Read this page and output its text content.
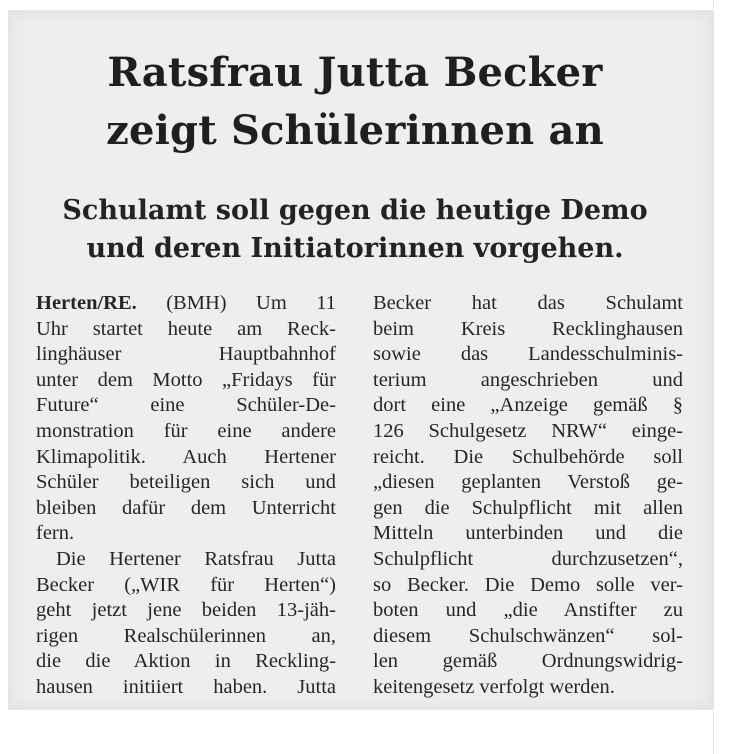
Ratsfrau Jutta Becker
zeigt Schülerinnen an
Schulamt soll gegen die heutige Demo
und deren Initiatorinnen vorgehen.
Herten/RE. (BMH) Um 11
Uhr startet heute am Reck-
linghäuser Hauptbahnhof
unter dem Motto „Fridays für
Future“ eine Schüler-De-
monstration für eine andere
Klimapolitik. Auch Hertener
Schüler beteiligen sich und
bleiben dafür dem Unterricht
fern.
Die Hertener Ratsfrau Jutta
Becker („WIR für Herten“)
geht jetzt jene beiden 13-jäh-
rigen Realschülerinnen an,
die die Aktion in Reckling-
hausen initiiert haben. Jutta
Becker hat das Schulamt
beim Kreis Recklinghausen
sowie das Landesschulminis-
terium angeschrieben und
dort eine „Anzeige gemäß §
126 Schulgesetz NRW“ einge-
reicht. Die Schulbehörde soll
„diesen geplanten Verstoß ge-
gen die Schulpflicht mit allen
Mitteln unterbinden und die
Schulpflicht durchzusetzen“,
so Becker. Die Demo solle ver-
boten und „die Anstifter zu
diesem Schulschwänzen“ sol-
len gemäß Ordnungswidrig-
keitengesetz verfolgt werden.
